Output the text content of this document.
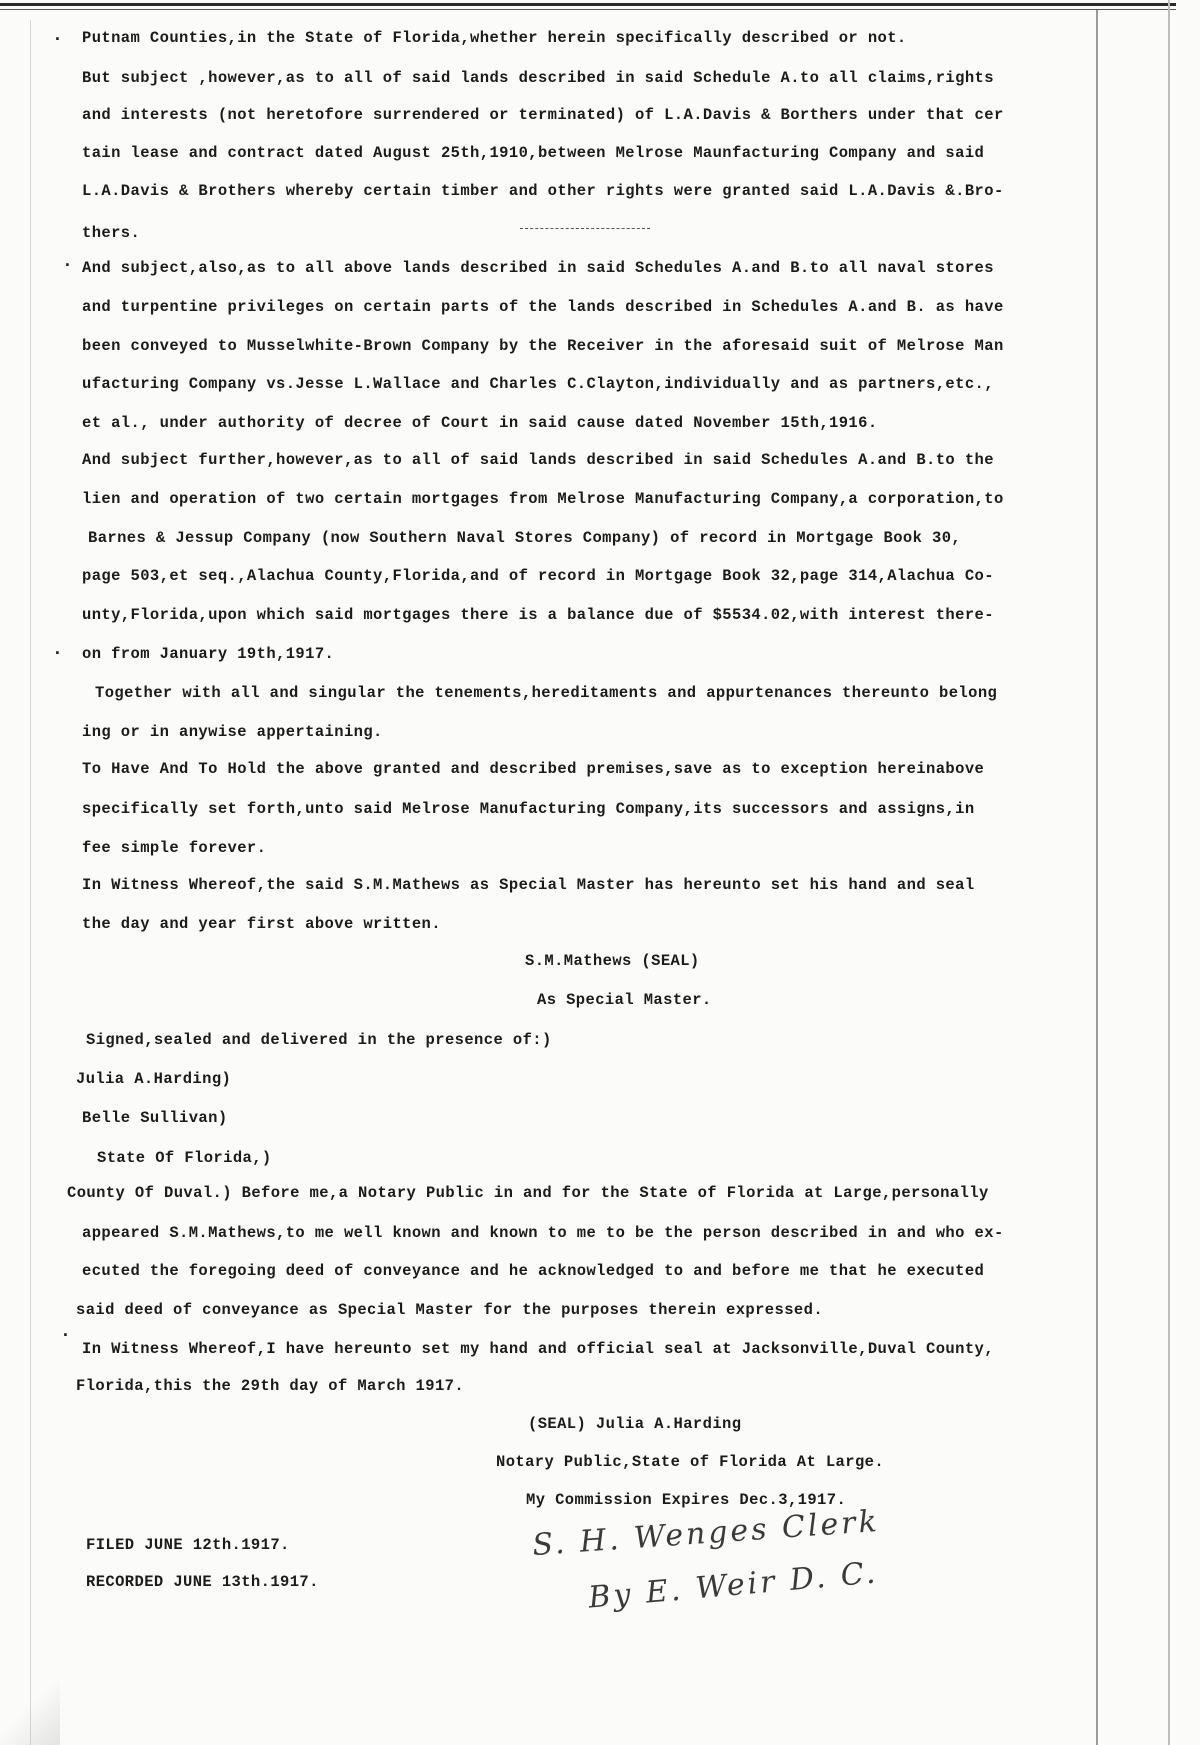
.
.
.
.
Putnam Counties,in the State of Florida,whether herein specifically described or not.
But subject ,however,as to all of said lands described in said Schedule A.to all claims,rights
and interests (not heretofore surrendered or terminated) of L.A.Davis & Borthers under that cer
tain lease and contract dated August 25th,1910,between Melrose Maunfacturing Company and said
L.A.Davis & Brothers whereby certain timber and other rights were granted said L.A.Davis &.Bro-
thers.
And subject,also,as to all above lands described in said Schedules A.and B.to all naval stores
and turpentine privileges on certain parts of the lands described in Schedules A.and B. as have
been conveyed to Musselwhite-Brown Company by the Receiver in the aforesaid suit of Melrose Man
ufacturing Company vs.Jesse L.Wallace and Charles C.Clayton,individually and as partners,etc.,
et al., under authority of decree of Court in said cause dated November 15th,1916.
And subject further,however,as to all of said lands described in said Schedules A.and B.to the
lien and operation of two certain mortgages from Melrose Manufacturing Company,a corporation,to
Barnes & Jessup Company (now Southern Naval Stores Company) of record in Mortgage Book 30,
page 503,et seq.,Alachua County,Florida,and of record in Mortgage Book 32,page 314,Alachua Co-
unty,Florida,upon which said mortgages there is a balance due of $5534.02,with interest there-
on from January 19th,1917.
Together with all and singular the tenements,hereditaments and appurtenances thereunto belong
ing or in anywise appertaining.
To Have And To Hold the above granted and described premises,save as to exception hereinabove
specifically set forth,unto said Melrose Manufacturing Company,its successors and assigns,in
fee simple forever.
In Witness Whereof,the said S.M.Mathews as Special Master has hereunto set his hand and seal
the day and year first above written.
S.M.Mathews (SEAL)
As Special Master.
Signed,sealed and delivered in the presence of:)
Julia A.Harding)
Belle Sullivan)
State Of Florida,)
County Of Duval.) Before me,a Notary Public in and for the State of Florida at Large,personally
appeared S.M.Mathews,to me well known and known to me to be the person described in and who ex-
ecuted the foregoing deed of conveyance and he acknowledged to and before me that he executed
said deed of conveyance as Special Master for the purposes therein expressed.
In Witness Whereof,I have hereunto set my hand and official seal at Jacksonville,Duval County,
Florida,this the 29th day of March 1917.
(SEAL) Julia A.Harding
Notary Public,State of Florida At Large.
My Commission Expires Dec.3,1917.
FILED JUNE 12th.1917.
RECORDED JUNE 13th.1917.
S. H. Wenges Clerk
By E. Weir D. C.
